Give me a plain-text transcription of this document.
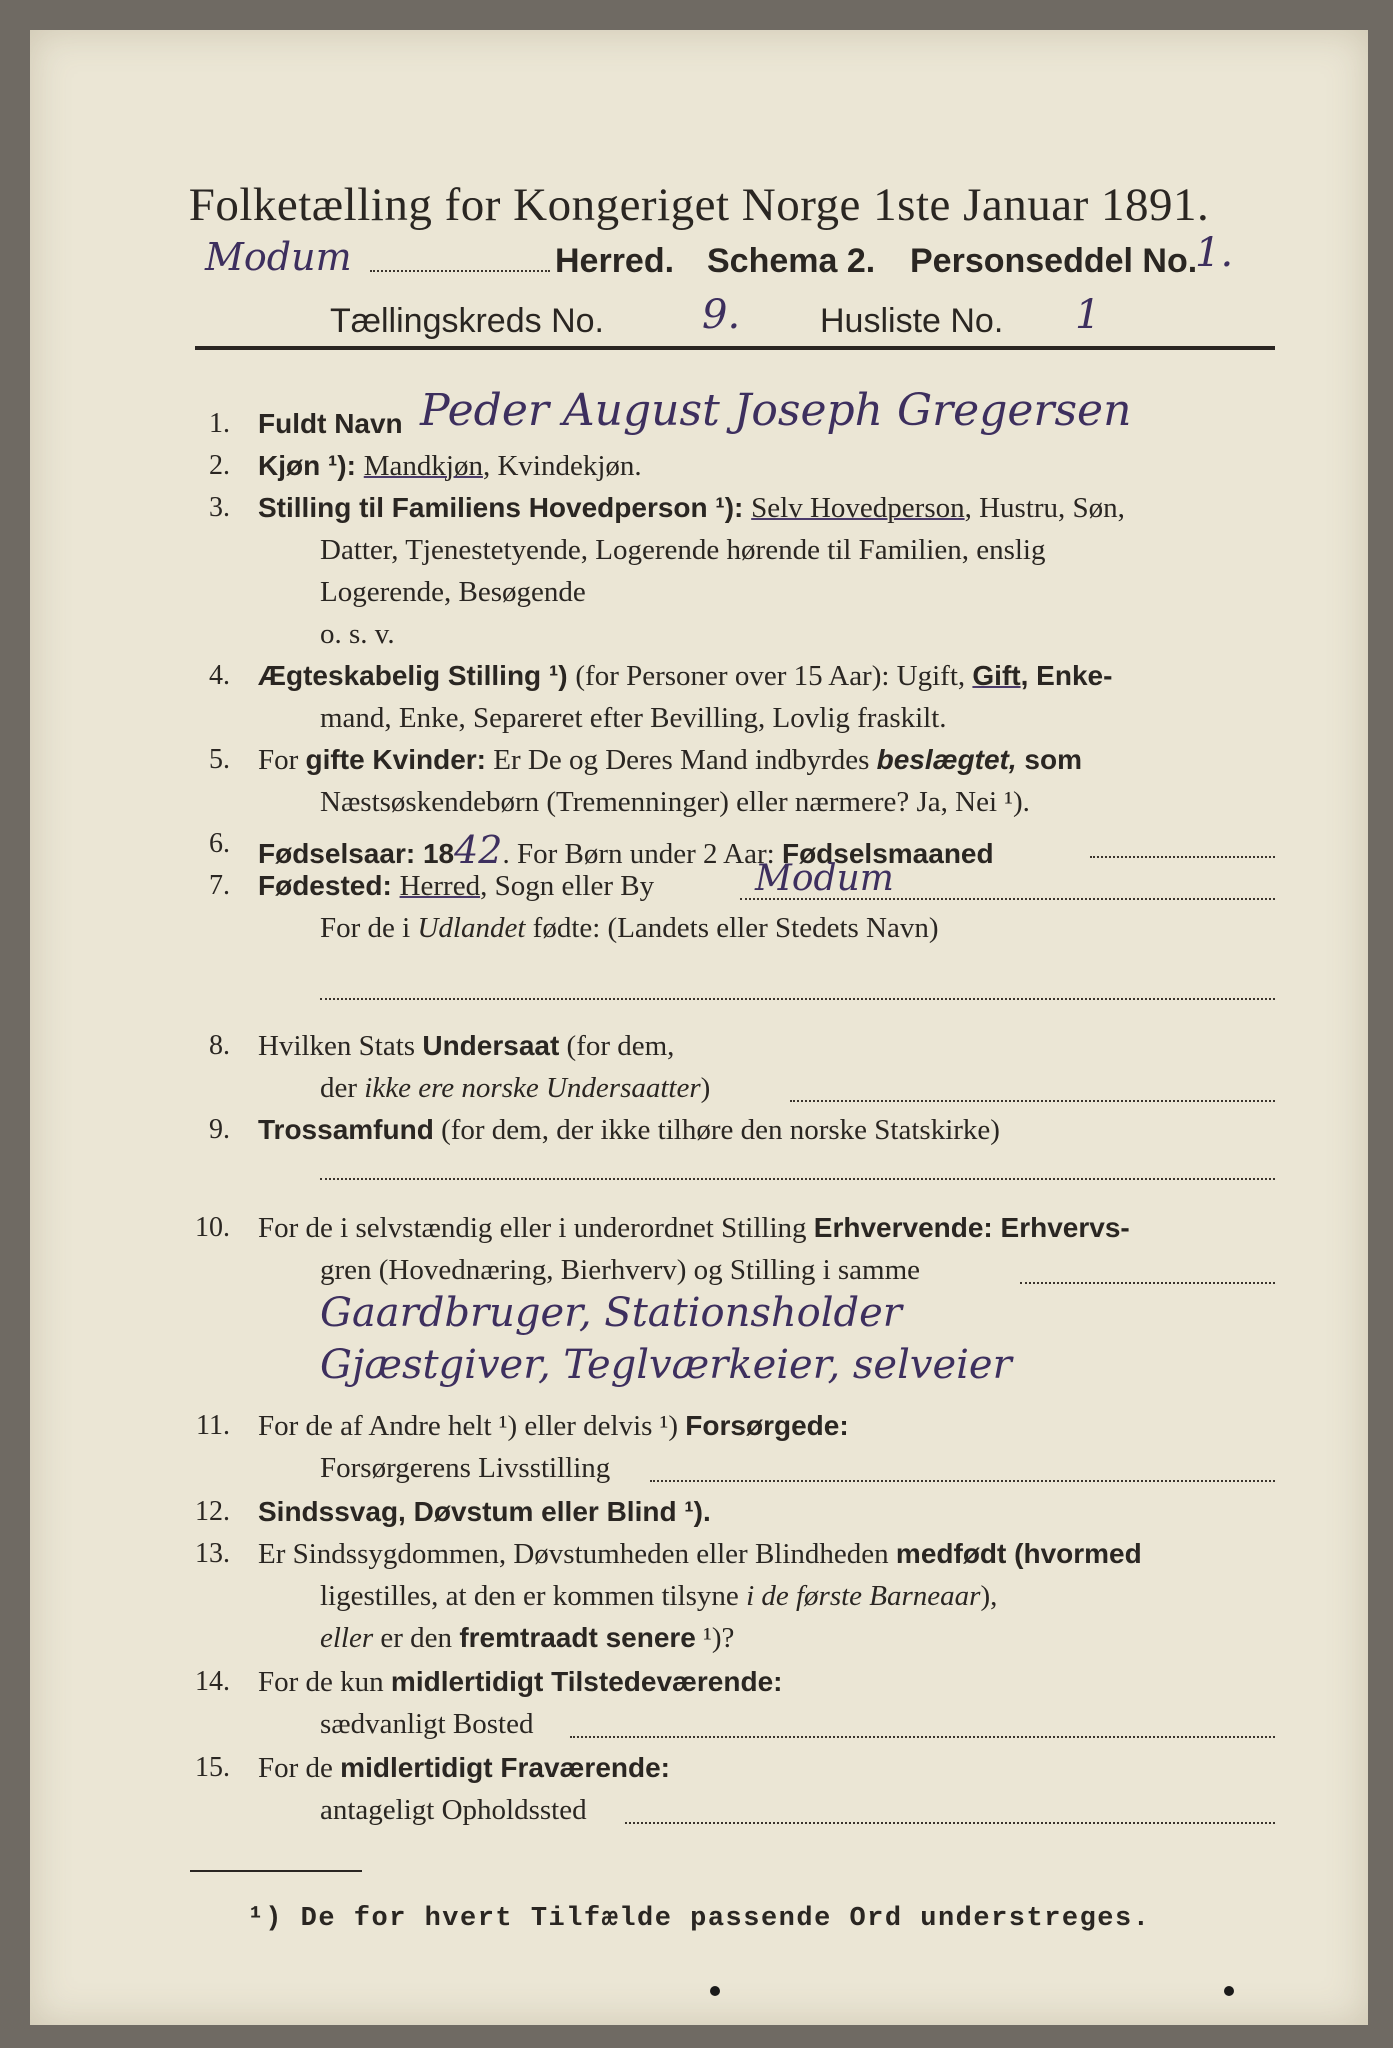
Folketælling for Kongeriget Norge 1ste Januar 1891.
Modum	Herred. Schema 2. Personseddel No.
1.
Tællingskreds No. 9. Husliste No. 1
1. Fuldt Navn Peder August Joseph Gregersen
2. Kjøn ¹): Mandkjøn, Kvindekjøn.
3. Stilling til Familiens Hovedperson ¹): Selv Hovedperson, Hustru, Søn,
Datter, Tjenestetyende, Logerende hørende til Familien, enslig
Logerende, Besøgende
o. s. v.
4. Ægteskabelig Stilling ¹) (for Personer over 15 Aar): Ugift, Gift, Enke-
mand, Enke, Separeret efter Bevilling, Lovlig fraskilt.
5. For gifte Kvinder: Er De og Deres Mand indbyrdes beslægtet, som
Næstsøskendebørn (Tremenninger) eller nærmere? Ja, Nei ¹).
6. Fødselsaar: 1842. For Børn under 2 Aar: Fødselsmaaned
7. Fødested: Herred, Sogn eller By	Modum
For de i Udlandet fødte: (Landets eller Stedets Navn)
8. Hvilken Stats Undersaat (for dem,
der ikke ere norske Undersaatter)
9. Trossamfund (for dem, der ikke tilhøre den norske Statskirke)
10. For de i selvstændig eller i underordnet Stilling Erhvervende: Erhvervs-
gren (Hovednæring, Bierhverv) og Stilling i samme
Gaardbruger, Stationsholder
Gjæstgiver, Teglværkeier, selveier
11. For de af Andre helt ¹) eller delvis ¹) Forsørgede:
Forsørgerens Livsstilling
12. Sindssvag, Døvstum eller Blind ¹).
13. Er Sindssygdommen, Døvstumheden eller Blindheden medfødt (hvormed
ligestilles, at den er kommen tilsyne i de første Barneaar),
eller er den fremtraadt senere ¹)?
14. For de kun midlertidigt Tilstedeværende:
sædvanligt Bosted
15. For de midlertidigt Fraværende:
antageligt Opholdssted
¹) De for hvert Tilfælde passende Ord understreges.
